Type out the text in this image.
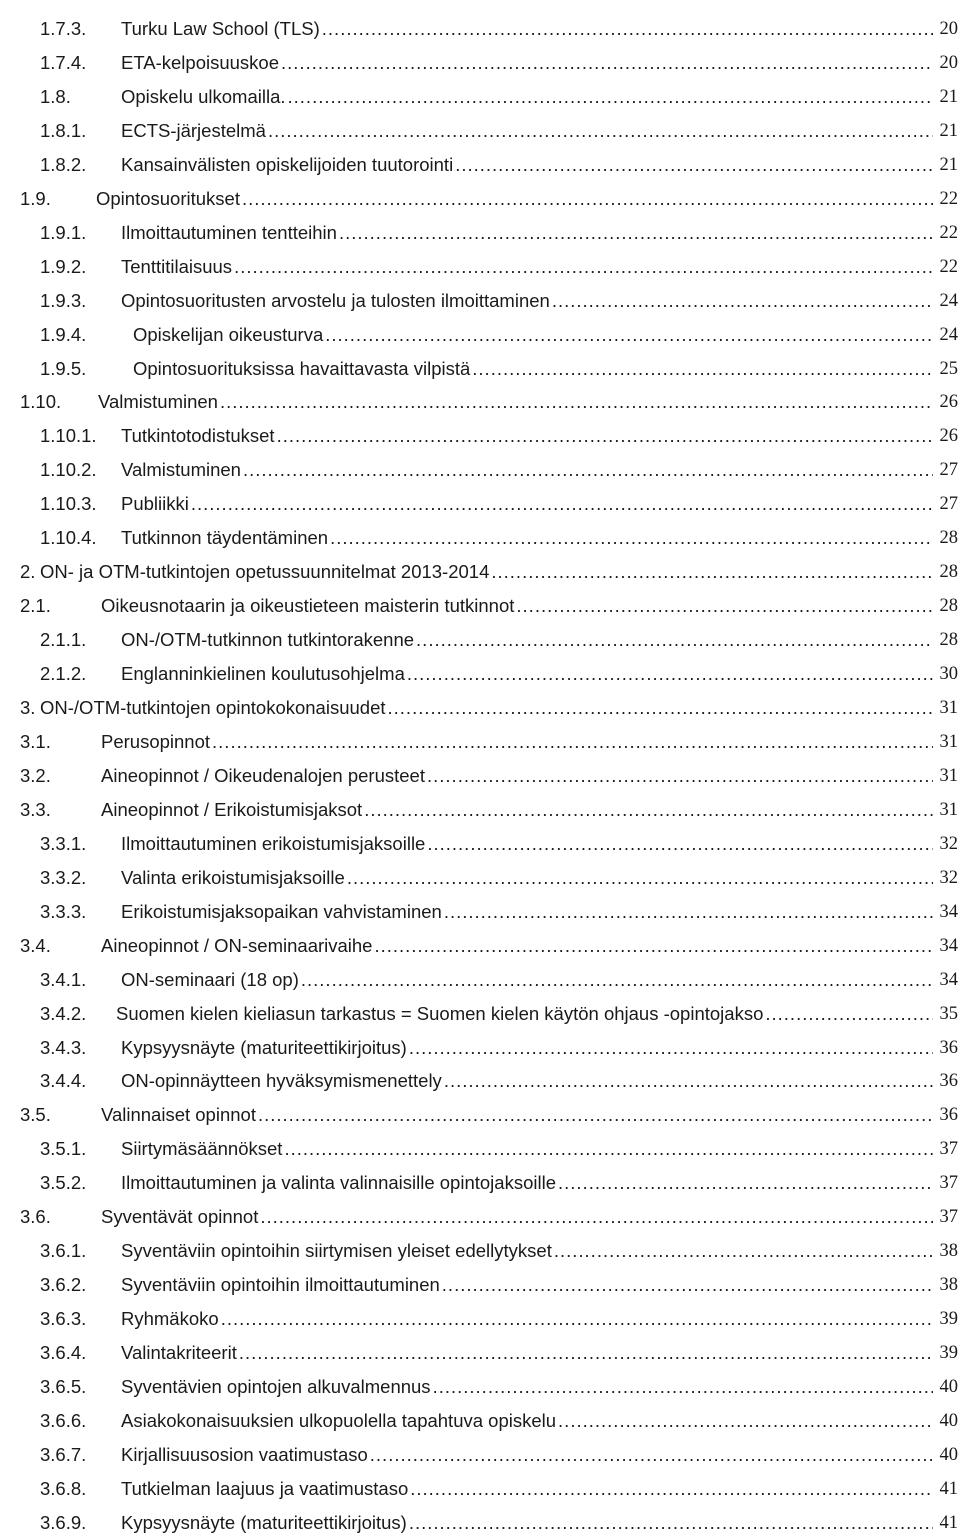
1.7.3. Turku Law School (TLS) .....	20
1.7.4. ETA-kelpoisuuskoe .....	20
1.8.	Opiskelu ulkomailla. .....	21
1.8.1. ECTS-järjestelmä .....	21
1.8.2. Kansainvälisten opiskelijoiden tuutorointi .....	21
1.9. Opintosuoritukset .....	22
1.9.1. Ilmoittautuminen tentteihin .....	22
1.9.2. Tenttitilaisuus .....	22
1.9.3. Opintosuoritusten arvostelu ja tulosten ilmoittaminen .....	24
1.9.4.	Opiskelijan oikeusturva .....	24
1.9.5.	Opintosuorituksissa havaittavasta vilpistä .....	25
1.10. Valmistuminen .....	26
1.10.1. Tutkintotodistukset .....	26
1.10.2. Valmistuminen .....	27
1.10.3. Publiikki .....	27
1.10.4. Tutkinnon täydentäminen .....	28
2. ON- ja OTM-tutkintojen opetussuunnitelmat 2013-2014 .....	28
2.1.	Oikeusnotaarin ja oikeustieteen maisterin tutkinnot .....	28
2.1.1. ON-/OTM-tutkinnon tutkintorakenne .....	28
2.1.2. Englanninkielinen koulutusohjelma .....	30
3. ON-/OTM-tutkintojen opintokokonaisuudet .....	31
3.1.	Perusopinnot .....	31
3.2.	Aineopinnot / Oikeudenalojen perusteet .....	31
3.3.	Aineopinnot / Erikoistumisjaksot .....	31
3.3.1. Ilmoittautuminen erikoistumisjaksoille .....	32
3.3.2. Valinta erikoistumisjaksoille .....	32
3.3.3. Erikoistumisjaksopaikan vahvistaminen .....	34
3.4.	Aineopinnot / ON-seminaarivaihe .....	34
3.4.1. ON-seminaari (18 op) .....	34
3.4.2. Suomen kielen kieliasun tarkastus = Suomen kielen käytön ohjaus -opintojakso .....	35
3.4.3. Kypsyysnäyte (maturiteettikirjoitus) .....	36
3.4.4. ON-opinnäytteen hyväksymismenettely .....	36
3.5.	Valinnaiset opinnot .....	36
3.5.1. Siirtymäsäännökset .....	37
3.5.2. Ilmoittautuminen ja valinta valinnaisille opintojaksoille .....	37
3.6.	Syventävät opinnot .....	37
3.6.1. Syventäviin opintoihin siirtymisen yleiset edellytykset .....	38
3.6.2. Syventäviin opintoihin ilmoittautuminen .....	38
3.6.3. Ryhmäkoko .....	39
3.6.4. Valintakriteerit .....	39
3.6.5. Syventävien opintojen alkuvalmennus .....	40
3.6.6. Asiakokonaisuuksien ulkopuolella tapahtuva opiskelu .....	40
3.6.7. Kirjallisuusosion vaatimustaso .....	40
3.6.8. Tutkielman laajuus ja vaatimustaso .....	41
3.6.9. Kypsyysnäyte (maturiteettikirjoitus) .....	41
